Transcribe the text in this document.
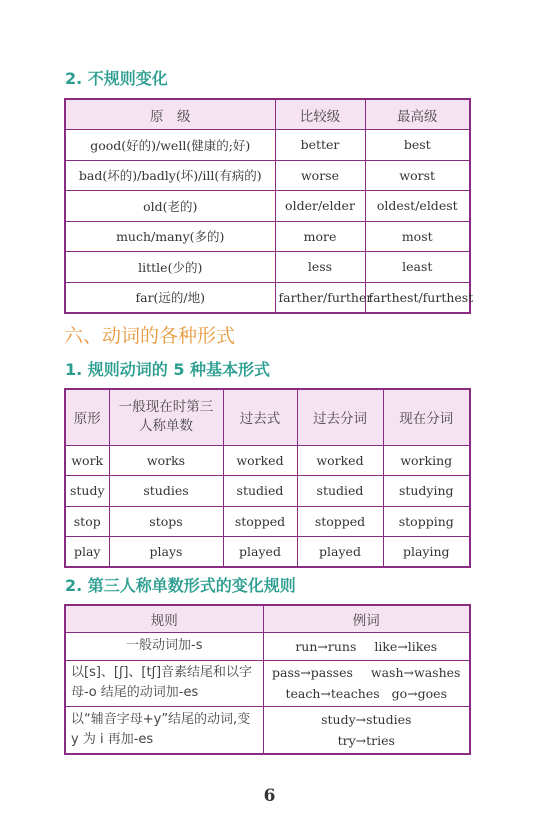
2. 不规则变化
原　级	比较级	最高级
good(好的)/well(健康的;好)	better	best
bad(坏的)/badly(坏)/ill(有病的)	worse	worst
old(老的)	older/elder	oldest/eldest
much/many(多的)	more	most
little(少的)	less	least
far(远的/地)	farther/further	farthest/furthest
六、动词的各种形式
1. 规则动词的 5 种基本形式
原形	一般现在时第三人称单数	过去式	过去分词	现在分词
work	works	worked	worked	working
study	studies	studied	studied	studying
stop	stops	stopped	stopped	stopping
play	plays	played	played	playing
2. 第三人称单数形式的变化规则
规则	例词
一般动词加-s	run→runs like→likes
以[s]、[ʃ]、[tʃ]音素结尾和以字母-o 结尾的动词加-es	pass→passes wash→washes
teach→teaches go→goes

以“辅音字母+y”结尾的动词,变 y 为 i 再加-es	study→studies
try→tries
6
